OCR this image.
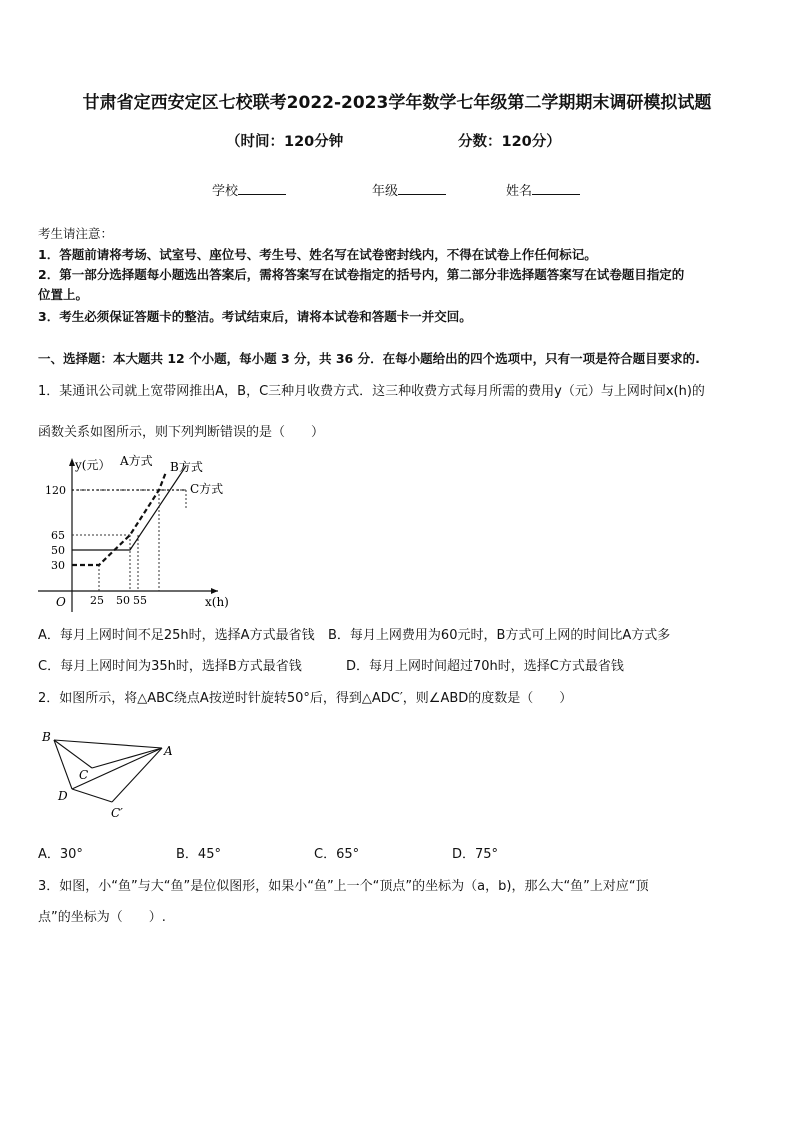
甘肃省定西安定区七校联考2022-2023学年数学七年级第二学期期末调研模拟试题
（时间：120分钟	分数：120分）
学校	年级	姓名
考生请注意：
1．答题前请将考场、试室号、座位号、考生号、姓名写在试卷密封线内，不得在试卷上作任何标记。
2．第一部分选择题每小题选出答案后，需将答案写在试卷指定的括号内，第二部分非选择题答案写在试卷题目指定的
位置上。
3．考生必须保证答题卡的整洁。考试结束后，请将本试卷和答题卡一并交回。
一、选择题：本大题共 12 个小题，每小题 3 分，共 36 分．在每小题给出的四个选项中，只有一项是符合题目要求的.
1．某通讯公司就上宽带网推出A，B，C三种月收费方式．这三种收费方式每月所需的费用y（元）与上网时间x(h)的
函数关系如图所示，则下列判断错误的是（　　）
y(元） A方式 B方式
C方式
120
65
50
30
O 25 50 55	x(h)
A．每月上网时间不足25h时，选择A方式最省钱 B．每月上网费用为60元时，B方式可上网的时间比A方式多
C．每月上网时间为35h时，选择B方式最省钱	D．每月上网时间超过70h时，选择C方式最省钱
2．如图所示，将△ABC绕点A按逆时针旋转50°后，得到△ADC′，则∠ABD的度数是（　　）
B
A
C
D
C′
A．30°	B．45°	C．65°	D．75°
3．如图，小“鱼”与大“鱼”是位似图形，如果小“鱼”上一个“顶点”的坐标为（a，b)，那么大“鱼”上对应“顶
点”的坐标为（　　）.
